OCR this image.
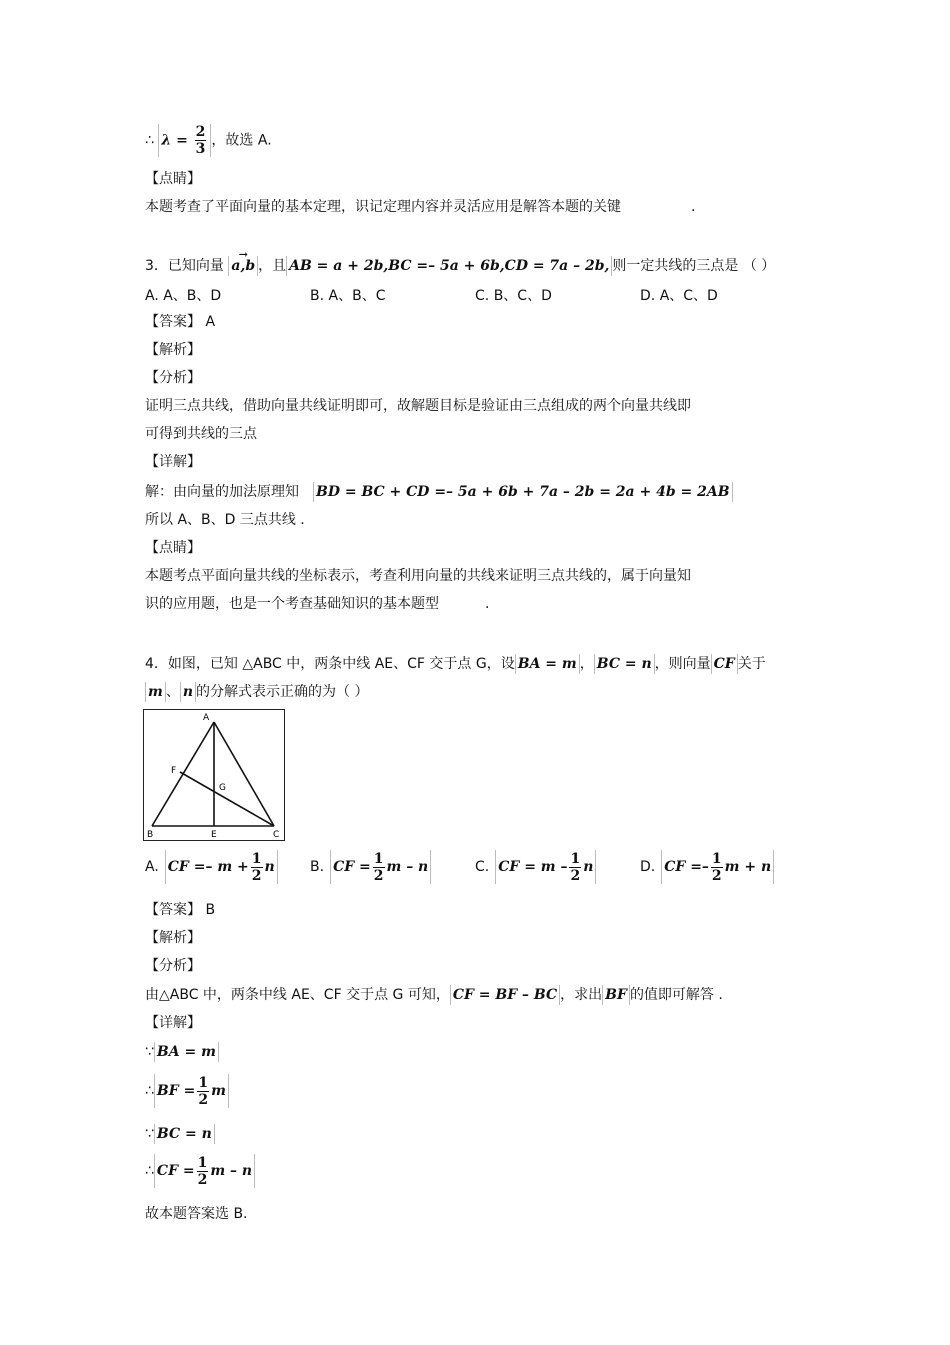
∴ $\lambda = \frac{2}{3}$ ，故选 A.
【点睛】
本题考查了平面向量的基本定理，识记定理内容并灵活应用是解答本题的关键	.
3．已知向量 → a,b ，且 AB = a + 2b,BC =– 5a + 6b,CD = 7a – 2b, 则一定共线的三点是 （ ）
A. A、B、D	B. A、B、C	C. B、C、D	D. A、C、D
【答案】 A
【解析】
【分析】
证明三点共线，借助向量共线证明即可，故解题目标是验证由三点组成的两个向量共线即
可得到共线的三点
【详解】
解：由向量的加法原理知 BD = BC + CD =– 5a + 6b + 7a – 2b = 2a + 4b = 2AB
所以 A、B、D 三点共线 .
【点睛】
本题考点平面向量共线的坐标表示，考查利用向量的共线来证明三点共线的，属于向量知
识的应用题，也是一个考查基础知识的基本题型	.
4．如图，已知 △ABC 中，两条中线 AE、CF 交于点 G，设 BA = m ， BC = n ，则向量 CF 关于
m 、 n 的分解式表示正确的为（ ）
A
B	C
E
F
G
A. CF =– $m + \frac{1}{2}$ n	B. CF = $\frac{1}{2}$ m – n	C. CF = m – $\frac{1}{2}$ n	D. CF =– $\frac{1}{2}$ m + n
【答案】 B
【解析】
【分析】
由△ABC 中，两条中线 AE、CF 交于点 G 可知， CF = BF – BC ，求出 BF 的值即可解答 .
【详解】
∵ BA = m
∴ BF = $\frac{1}{2}$ m
∵ BC = n
∴ CF = $\frac{1}{2}$ m – n
故本题答案选 B.
